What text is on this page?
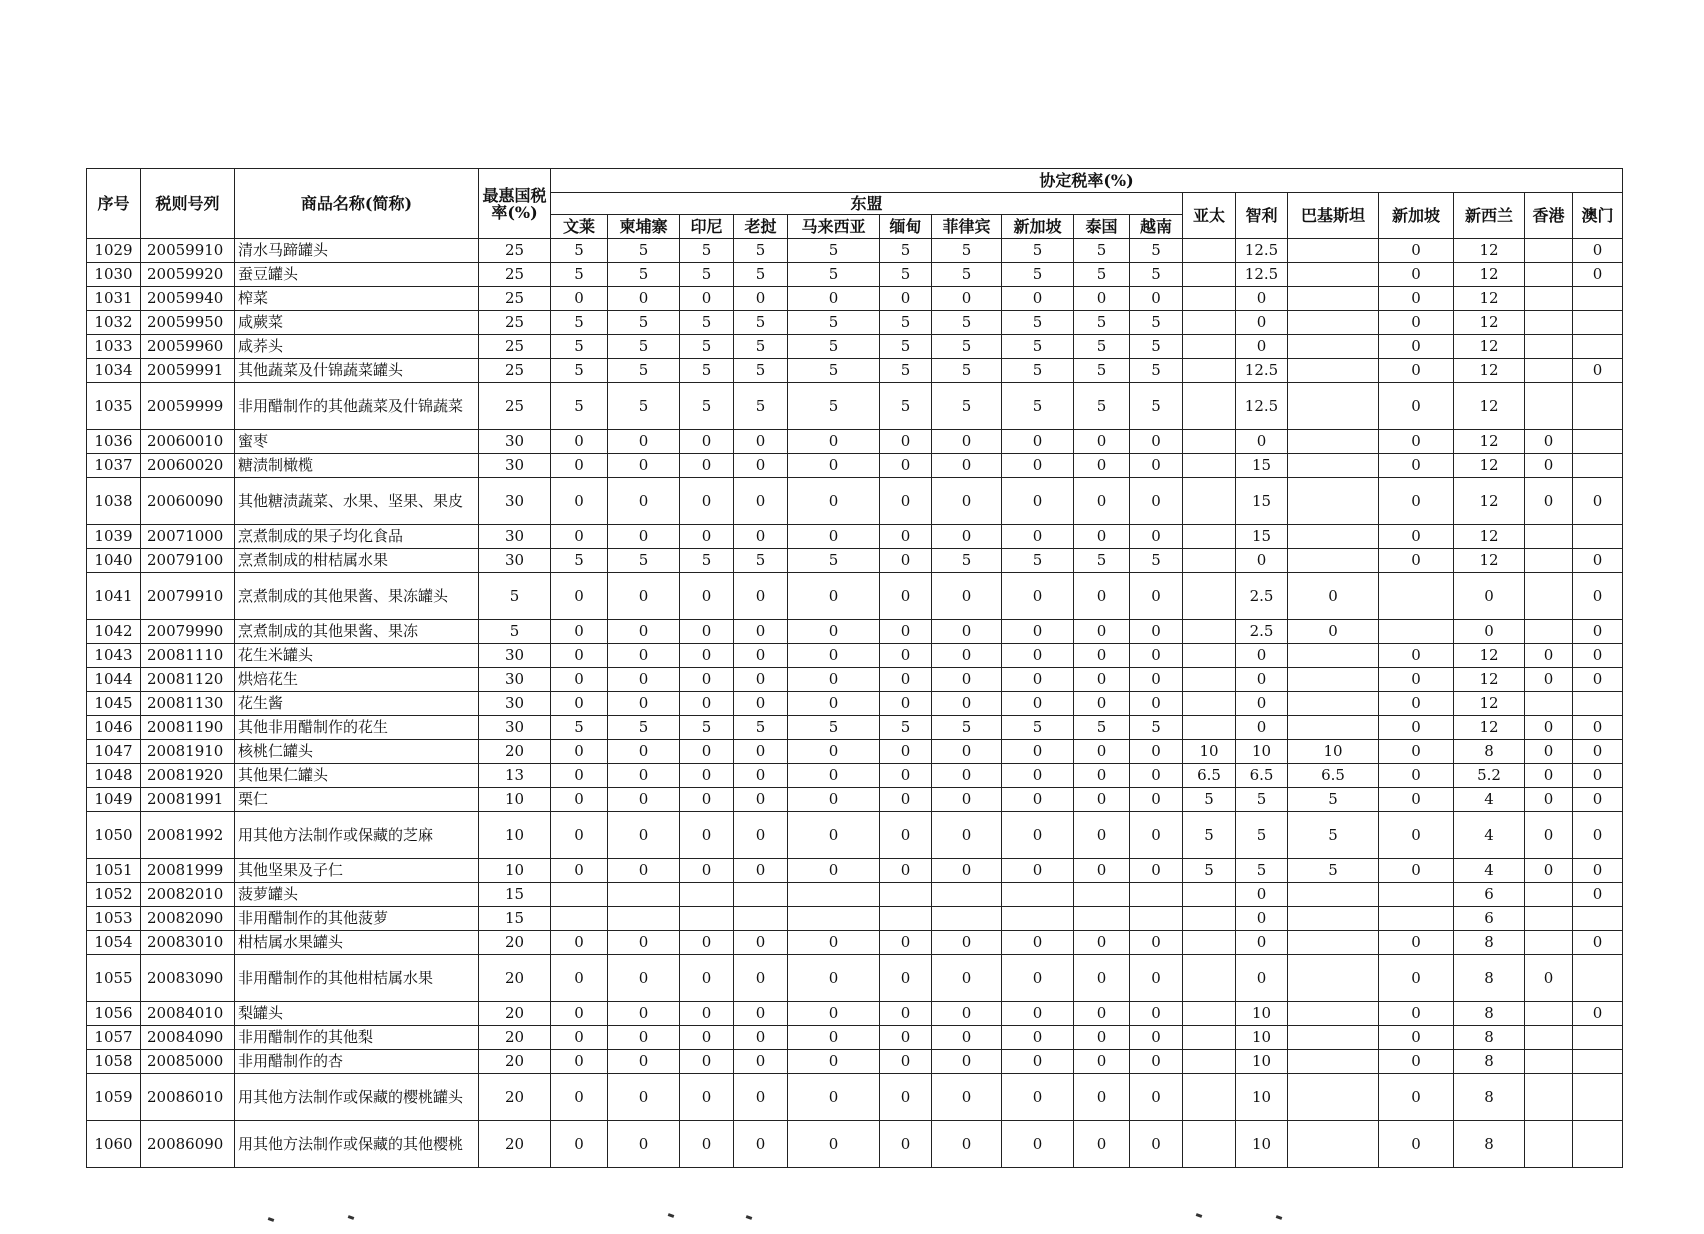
序号	税则号列	商品名称(简称)	最惠国税率(%)	协定税率(%)																
				东盟										亚太	智利	巴基斯坦	新加坡	新西兰	香港	澳门
				文莱	柬埔寨	印尼	老挝	马来西亚	缅甸	菲律宾	新加坡	泰国	越南							
1029	20059910	清水马蹄罐头	25	5	5	5	5	5	5	5	5	5	5		12.5		0	12		0
1030	20059920	蚕豆罐头	25	5	5	5	5	5	5	5	5	5	5		12.5		0	12		0
1031	20059940	榨菜	25	0	0	0	0	0	0	0	0	0	0		0		0	12		
1032	20059950	咸蕨菜	25	5	5	5	5	5	5	5	5	5	5		0		0	12		
1033	20059960	咸荞头	25	5	5	5	5	5	5	5	5	5	5		0		0	12		
1034	20059991	其他蔬菜及什锦蔬菜罐头	25	5	5	5	5	5	5	5	5	5	5		12.5		0	12		0
1035	20059999	非用醋制作的其他蔬菜及什锦蔬菜	25	5	5	5	5	5	5	5	5	5	5		12.5		0	12		
1036	20060010	蜜枣	30	0	0	0	0	0	0	0	0	0	0		0		0	12	0	
1037	20060020	糖渍制橄榄	30	0	0	0	0	0	0	0	0	0	0		15		0	12	0	
1038	20060090	其他糖渍蔬菜、水果、坚果、果皮	30	0	0	0	0	0	0	0	0	0	0		15		0	12	0	0
1039	20071000	烹煮制成的果子均化食品	30	0	0	0	0	0	0	0	0	0	0		15		0	12		
1040	20079100	烹煮制成的柑桔属水果	30	5	5	5	5	5	0	5	5	5	5		0		0	12		0
1041	20079910	烹煮制成的其他果酱、果冻罐头	5	0	0	0	0	0	0	0	0	0	0		2.5	0		0		0
1042	20079990	烹煮制成的其他果酱、果冻	5	0	0	0	0	0	0	0	0	0	0		2.5	0		0		0
1043	20081110	花生米罐头	30	0	0	0	0	0	0	0	0	0	0		0		0	12	0	0
1044	20081120	烘焙花生	30	0	0	0	0	0	0	0	0	0	0		0		0	12	0	0
1045	20081130	花生酱	30	0	0	0	0	0	0	0	0	0	0		0		0	12		
1046	20081190	其他非用醋制作的花生	30	5	5	5	5	5	5	5	5	5	5		0		0	12	0	0
1047	20081910	核桃仁罐头	20	0	0	0	0	0	0	0	0	0	0	10	10	10	0	8	0	0
1048	20081920	其他果仁罐头	13	0	0	0	0	0	0	0	0	0	0	6.5	6.5	6.5	0	5.2	0	0
1049	20081991	栗仁	10	0	0	0	0	0	0	0	0	0	0	5	5	5	0	4	0	0
1050	20081992	用其他方法制作或保藏的芝麻	10	0	0	0	0	0	0	0	0	0	0	5	5	5	0	4	0	0
1051	20081999	其他坚果及子仁	10	0	0	0	0	0	0	0	0	0	0	5	5	5	0	4	0	0
1052	20082010	菠萝罐头	15												0			6		0
1053	20082090	非用醋制作的其他菠萝	15												0			6		
1054	20083010	柑桔属水果罐头	20	0	0	0	0	0	0	0	0	0	0		0		0	8		0
1055	20083090	非用醋制作的其他柑桔属水果	20	0	0	0	0	0	0	0	0	0	0		0		0	8	0	
1056	20084010	梨罐头	20	0	0	0	0	0	0	0	0	0	0		10		0	8		0
1057	20084090	非用醋制作的其他梨	20	0	0	0	0	0	0	0	0	0	0		10		0	8		
1058	20085000	非用醋制作的杏	20	0	0	0	0	0	0	0	0	0	0		10		0	8		
1059	20086010	用其他方法制作或保藏的樱桃罐头	20	0	0	0	0	0	0	0	0	0	0		10		0	8		
1060	20086090	用其他方法制作或保藏的其他樱桃	20	0	0	0	0	0	0	0	0	0	0		10		0	8		
